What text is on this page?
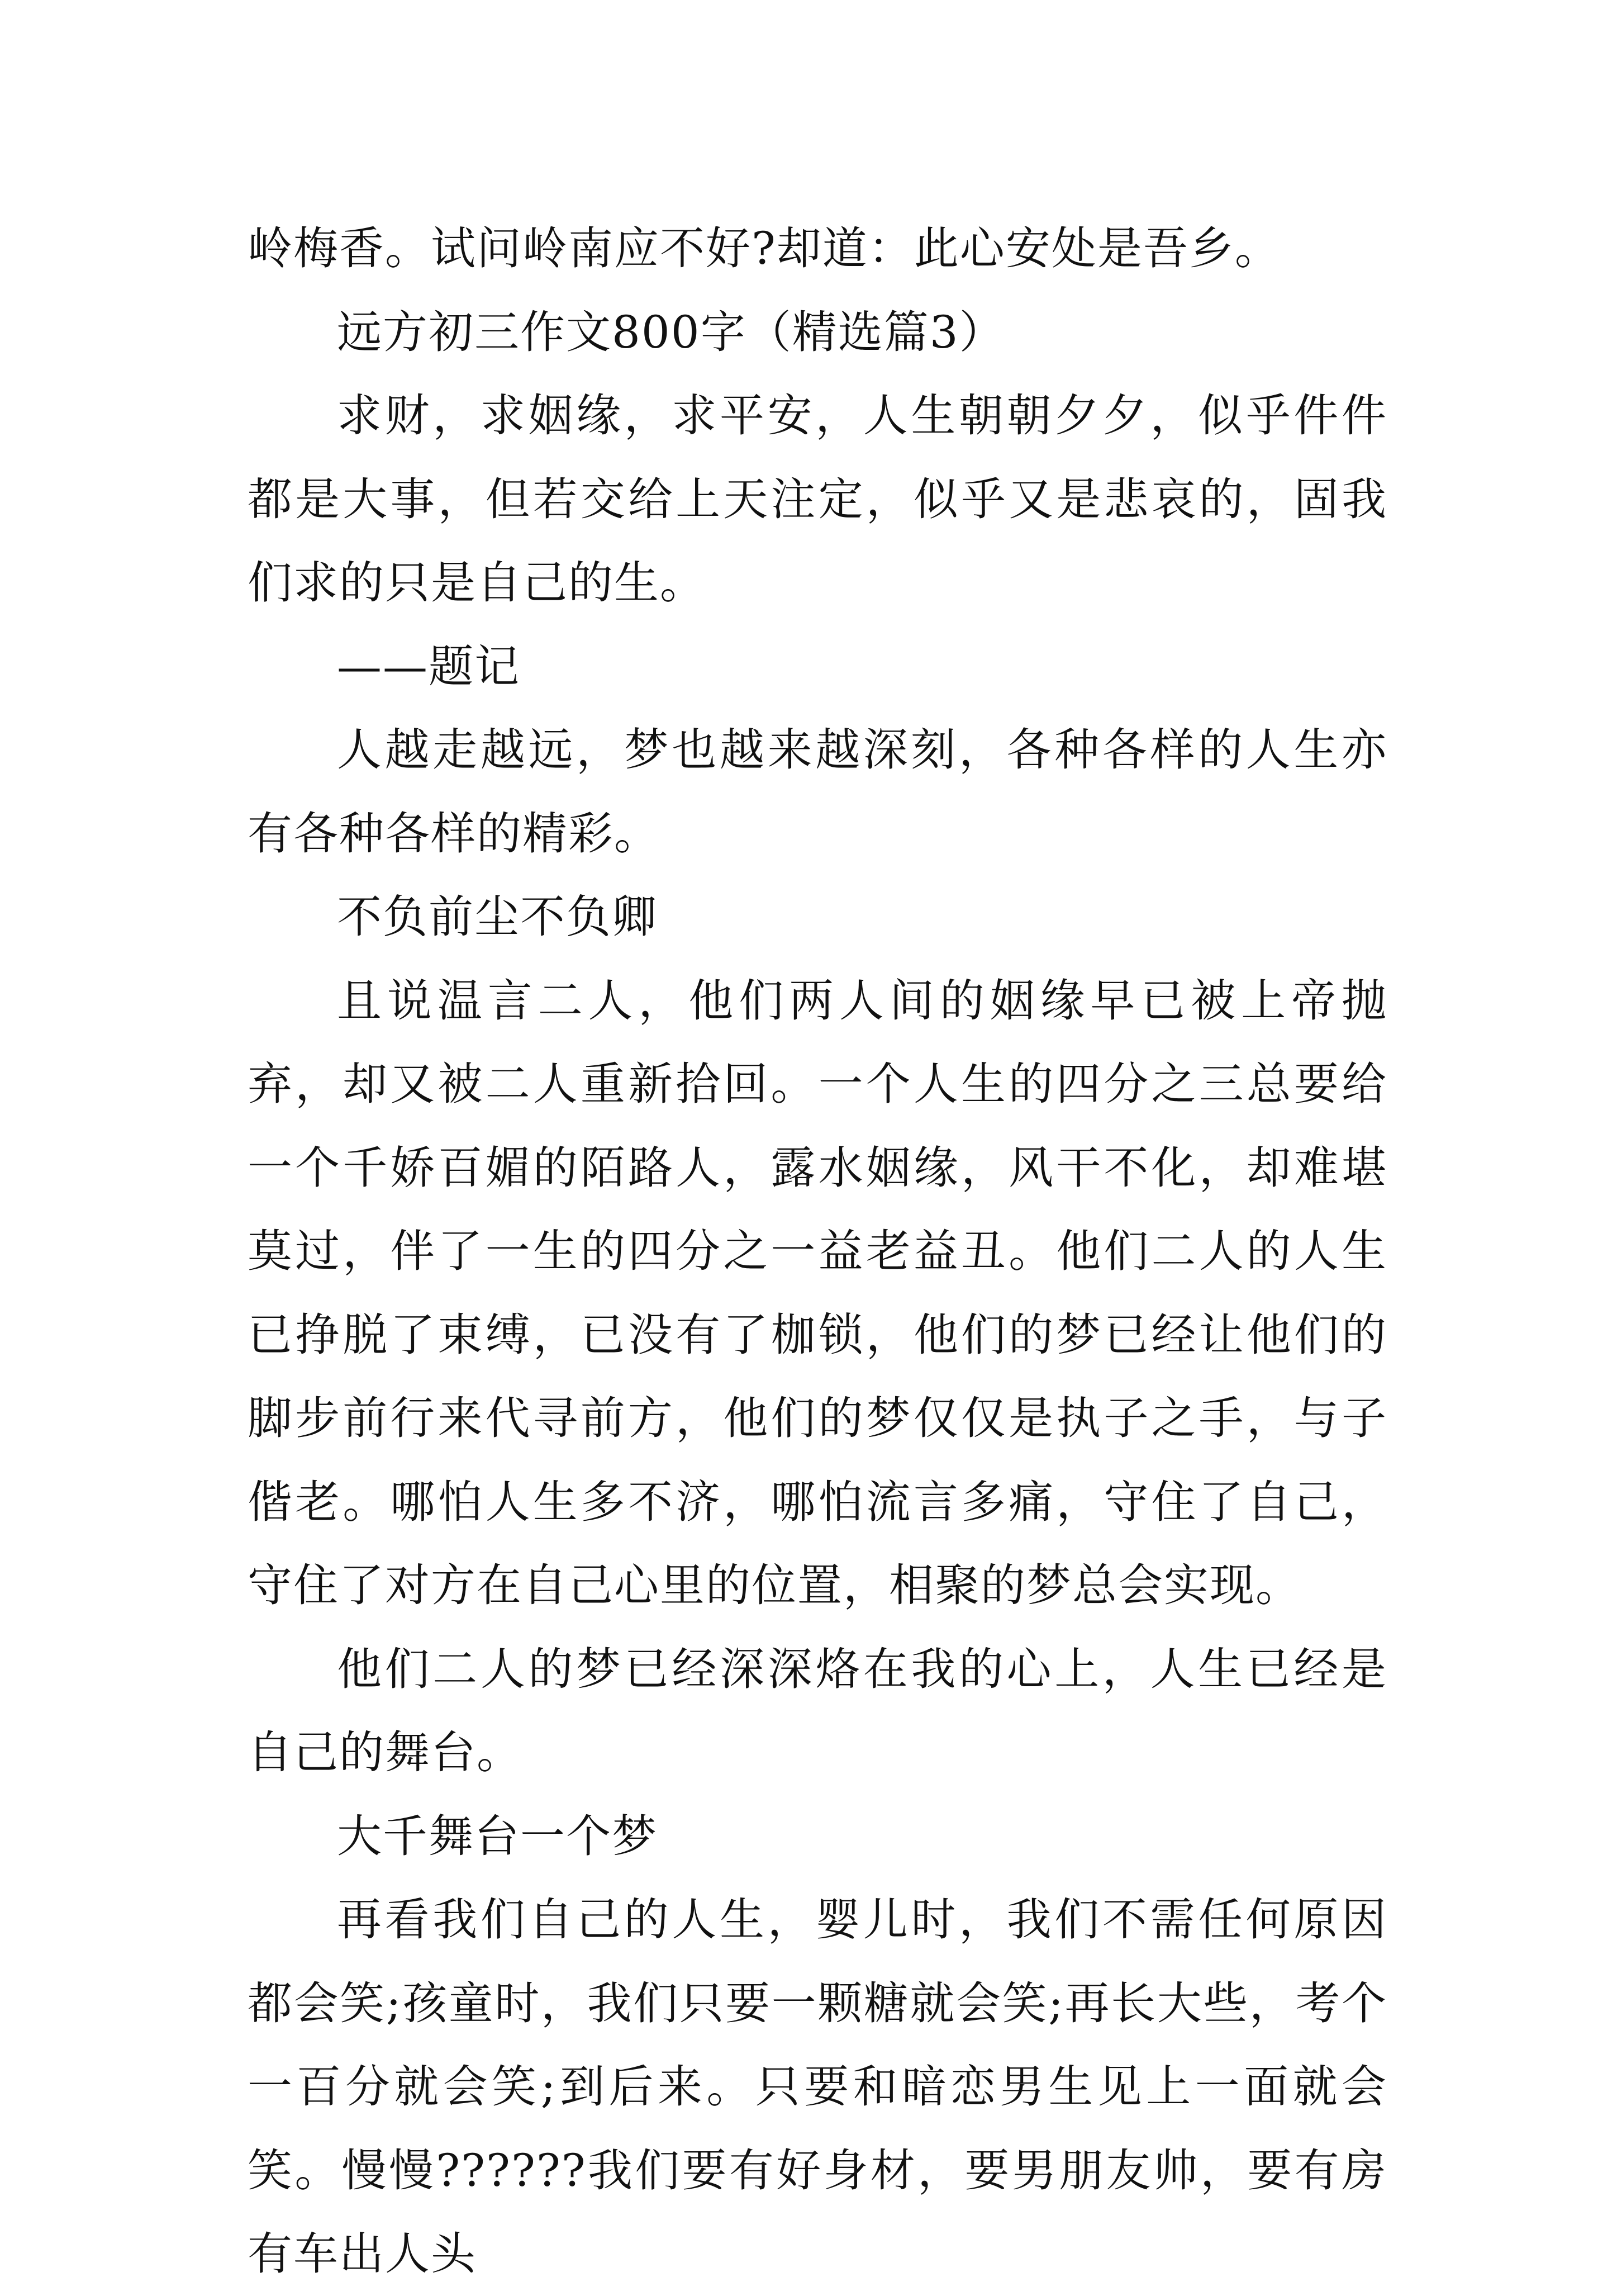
岭梅香。试问岭南应不好?却道：此心安处是吾乡。

远方初三作文800字（精选篇3）

求财，求姻缘，求平安，人生朝朝夕夕，似乎件件都是大事，但若交给上天注定，似乎又是悲哀的，固我们求的只是自己的生。

——题记

人越走越远，梦也越来越深刻，各种各样的人生亦有各种各样的精彩。

不负前尘不负卿

且说温言二人，他们两人间的姻缘早已被上帝抛弃，却又被二人重新拾回。一个人生的四分之三总要给一个千娇百媚的陌路人，露水姻缘，风干不化，却难堪莫过，伴了一生的四分之一益老益丑。他们二人的人生已挣脱了束缚，已没有了枷锁，他们的梦已经让他们的脚步前行来代寻前方，他们的梦仅仅是执子之手，与子偕老。哪怕人生多不济，哪怕流言多痛，守住了自己，守住了对方在自己心里的位置，相聚的梦总会实现。

他们二人的梦已经深深烙在我的心上，人生已经是自己的舞台。

大千舞台一个梦

再看我们自己的人生，婴儿时，我们不需任何原因都会笑;孩童时，我们只要一颗糖就会笑;再长大些，考个一百分就会笑;到后来。只要和暗恋男生见上一面就会笑。慢慢??????我们要有好身材，要男朋友帅，要有房有车出人头
